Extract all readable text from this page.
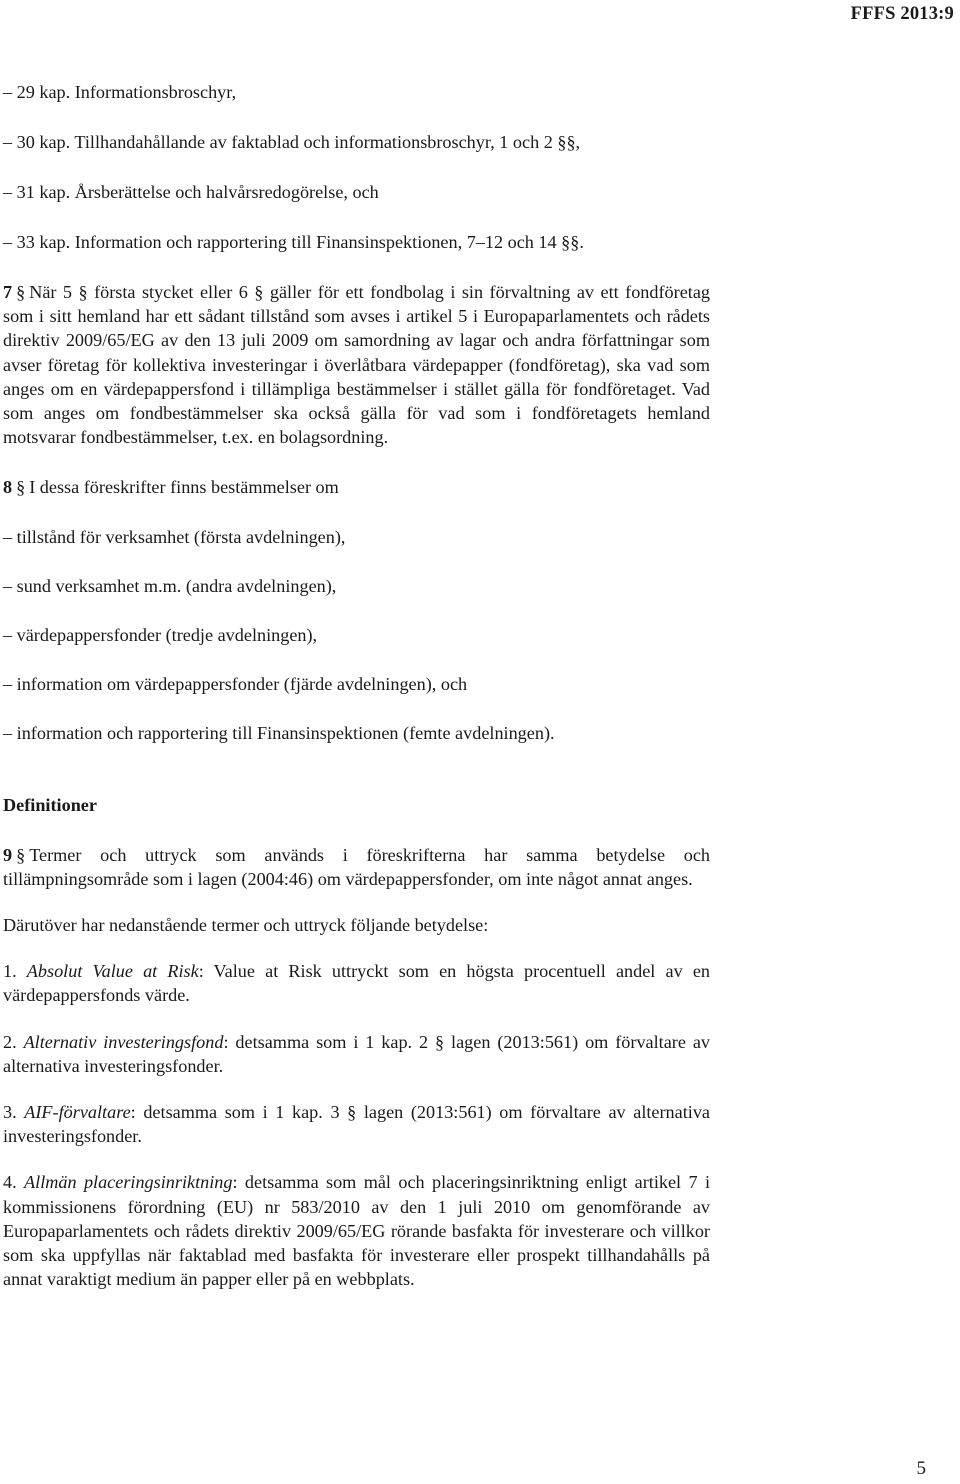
FFFS 2013:9

– 29 kap. Informationsbroschyr,

– 30 kap. Tillhandahållande av faktablad och informationsbroschyr, 1 och 2 §§,

– 31 kap. Årsberättelse och halvårsredogörelse, och

– 33 kap. Information och rapportering till Finansinspektionen, 7–12 och 14 §§.

7 § När 5 § första stycket eller 6 § gäller för ett fondbolag i sin förvaltning av ett fondföretag som i sitt hemland har ett sådant tillstånd som avses i artikel 5 i Europaparlamentets och rådets direktiv 2009/65/EG av den 13 juli 2009 om samordning av lagar och andra författningar som avser företag för kollektiva investeringar i överlåtbara värdepapper (fondföretag), ska vad som anges om en värdepappersfond i tillämpliga bestämmelser i stället gälla för fondföretaget. Vad som anges om fondbestämmelser ska också gälla för vad som i fondföretagets hemland motsvarar fondbestämmelser, t.ex. en bolagsordning.

8 § I dessa föreskrifter finns bestämmelser om

– tillstånd för verksamhet (första avdelningen),

– sund verksamhet m.m. (andra avdelningen),

– värdepappersfonder (tredje avdelningen),

– information om värdepappersfonder (fjärde avdelningen), och

– information och rapportering till Finansinspektionen (femte avdelningen).

Definitioner

9 § Termer och uttryck som används i föreskrifterna har samma betydelse och tillämpningsområde som i lagen (2004:46) om värdepappersfonder, om inte något annat anges.

Därutöver har nedanstående termer och uttryck följande betydelse:

1. Absolut Value at Risk: Value at Risk uttryckt som en högsta procentuell andel av en värdepappersfonds värde.

2. Alternativ investeringsfond: detsamma som i 1 kap. 2 § lagen (2013:561) om förvaltare av alternativa investeringsfonder.

3. AIF-förvaltare: detsamma som i 1 kap. 3 § lagen (2013:561) om förvaltare av alternativa investeringsfonder.

4. Allmän placeringsinriktning: detsamma som mål och placeringsinriktning enligt artikel 7 i kommissionens förordning (EU) nr 583/2010 av den 1 juli 2010 om genomförande av Europaparlamentets och rådets direktiv 2009/65/EG rörande basfakta för investerare och villkor som ska uppfyllas när faktablad med basfakta för investerare eller prospekt tillhandahålls på annat varaktigt medium än papper eller på en webbplats.

5
